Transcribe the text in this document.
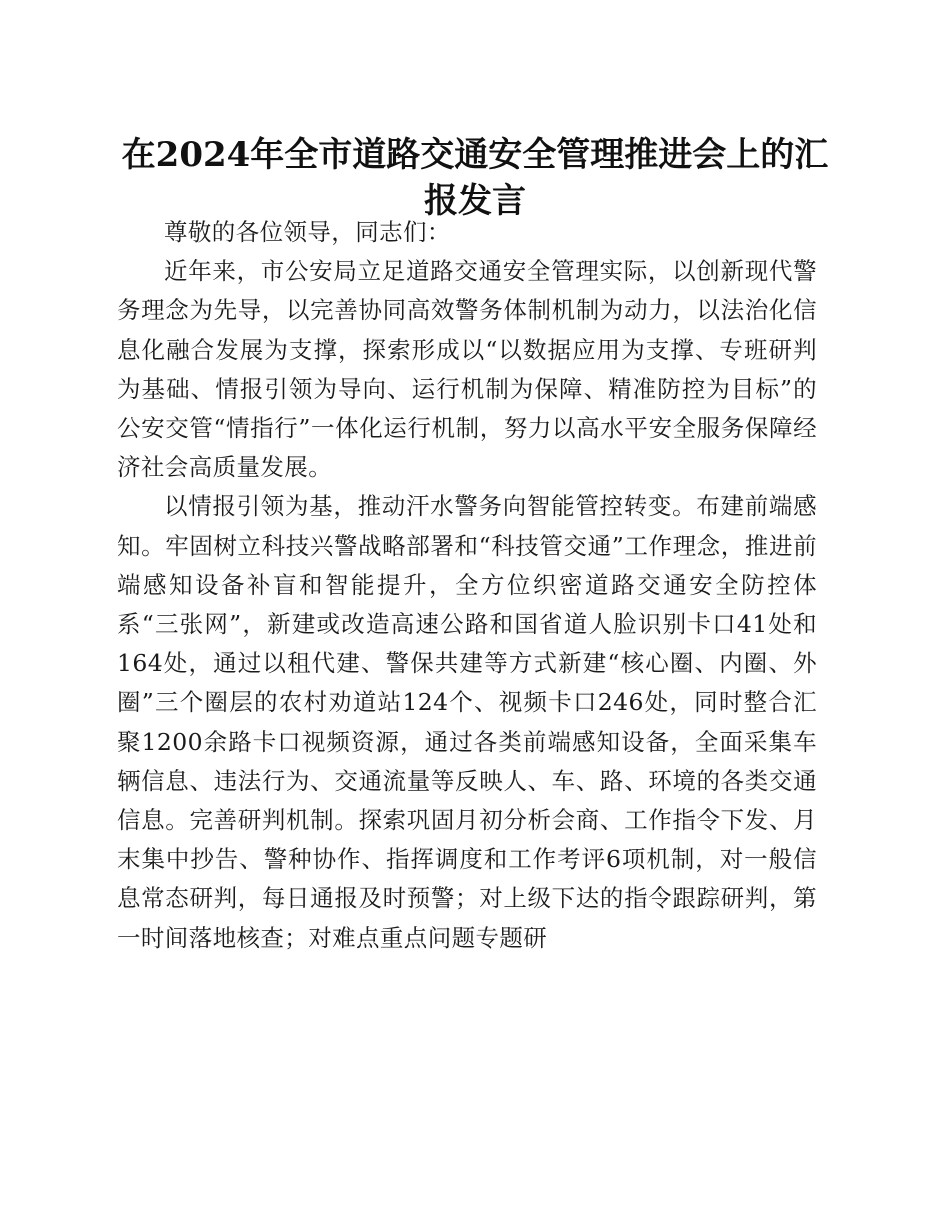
在2024年全市道路交通安全管理推进会上的汇报发言

尊敬的各位领导，同志们：

近年来，市公安局立足道路交通安全管理实际，以创新现代警务理念为先导，以完善协同高效警务体制机制为动力，以法治化信息化融合发展为支撑，探索形成以“以数据应用为支撑、专班研判为基础、情报引领为导向、运行机制为保障、精准防控为目标”的公安交管“情指行”一体化运行机制，努力以高水平安全服务保障经济社会高质量发展。

以情报引领为基，推动汗水警务向智能管控转变。布建前端感知。牢固树立科技兴警战略部署和“科技管交通”工作理念，推进前端感知设备补盲和智能提升，全方位织密道路交通安全防控体系“三张网”，新建或改造高速公路和国省道人脸识别卡口41处和164处，通过以租代建、警保共建等方式新建“核心圈、内圈、外圈”三个圈层的农村劝道站124个、视频卡口246处，同时整合汇聚1200余路卡口视频资源，通过各类前端感知设备，全面采集车辆信息、违法行为、交通流量等反映人、车、路、环境的各类交通信息。完善研判机制。探索巩固月初分析会商、工作指令下发、月末集中抄告、警种协作、指挥调度和工作考评6项机制，对一般信息常态研判，每日通报及时预警；对上级下达的指令跟踪研判，第一时间落地核查；对难点重点问题专题研
